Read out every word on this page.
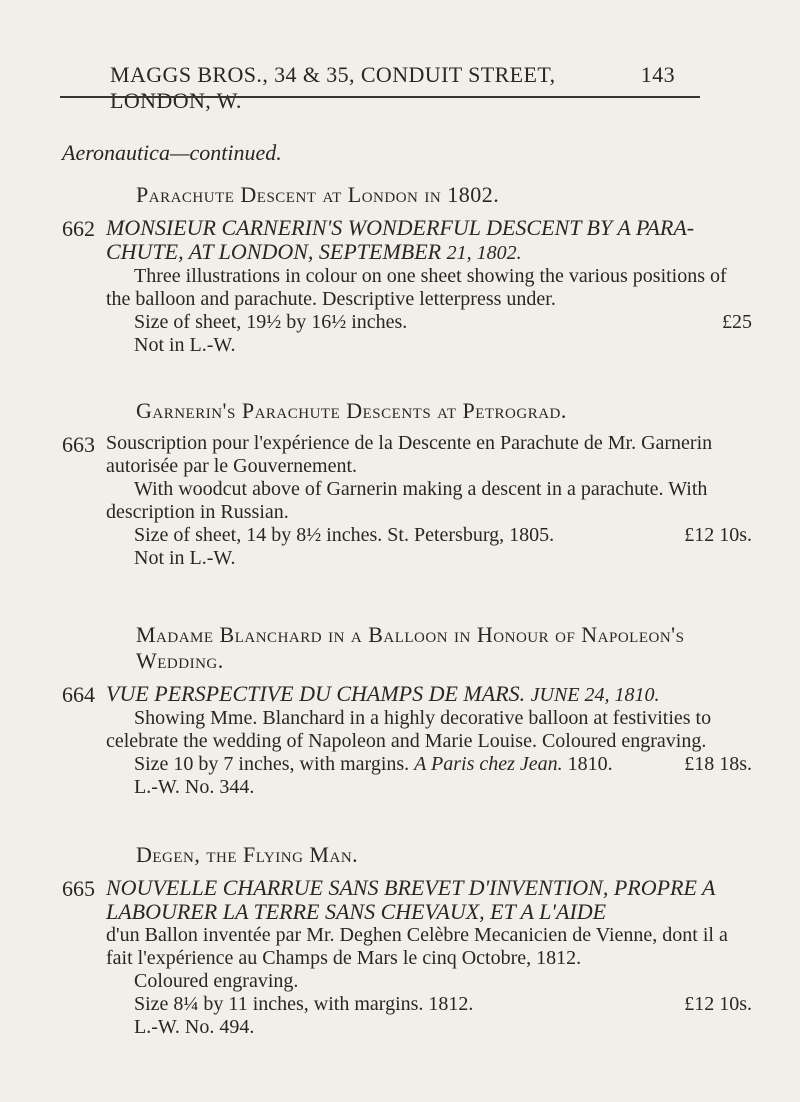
MAGGS BROS., 34 & 35, CONDUIT STREET, LONDON, W.
143
Aeronautica—continued.
Parachute Descent at London in 1802.
662 MONSIEUR CARNERIN'S WONDERFUL DESCENT BY A PARA-CHUTE, AT LONDON, SEPTEMBER 21, 1802.
Three illustrations in colour on one sheet showing the various positions of the balloon and parachute. Descriptive letterpress under.
Size of sheet, 19½ by 16½ inches.	£25
Not in L.-W.
Garnerin's Parachute Descents at Petrograd.
663 Souscription pour l'expérience de la Descente en Parachute de Mr. Garnerin autorisée par le Gouvernement.
With woodcut above of Garnerin making a descent in a parachute. With description in Russian.
Size of sheet, 14 by 8½ inches. St. Petersburg, 1805.	£12 10s.
Not in L.-W.
Madame Blanchard in a Balloon in Honour of Napoleon's Wedding.
664 VUE PERSPECTIVE DU CHAMPS DE MARS. JUNE 24, 1810.
Showing Mme. Blanchard in a highly decorative balloon at festivities to celebrate the wedding of Napoleon and Marie Louise. Coloured engraving.
Size 10 by 7 inches, with margins. A Paris chez Jean. 1810.	£18 18s.
L.-W. No. 344.
Degen, the Flying Man.
665 NOUVELLE CHARRUE SANS BREVET D'INVENTION, PROPRE A LABOURER LA TERRE SANS CHEVAUX, ET A L'AIDE
d'un Ballon inventée par Mr. Deghen Celèbre Mecanicien de Vienne, dont il a fait l'expérience au Champs de Mars le cinq Octobre, 1812.
Coloured engraving.
Size 8¼ by 11 inches, with margins. 1812.	£12 10s.
L.-W. No. 494.
